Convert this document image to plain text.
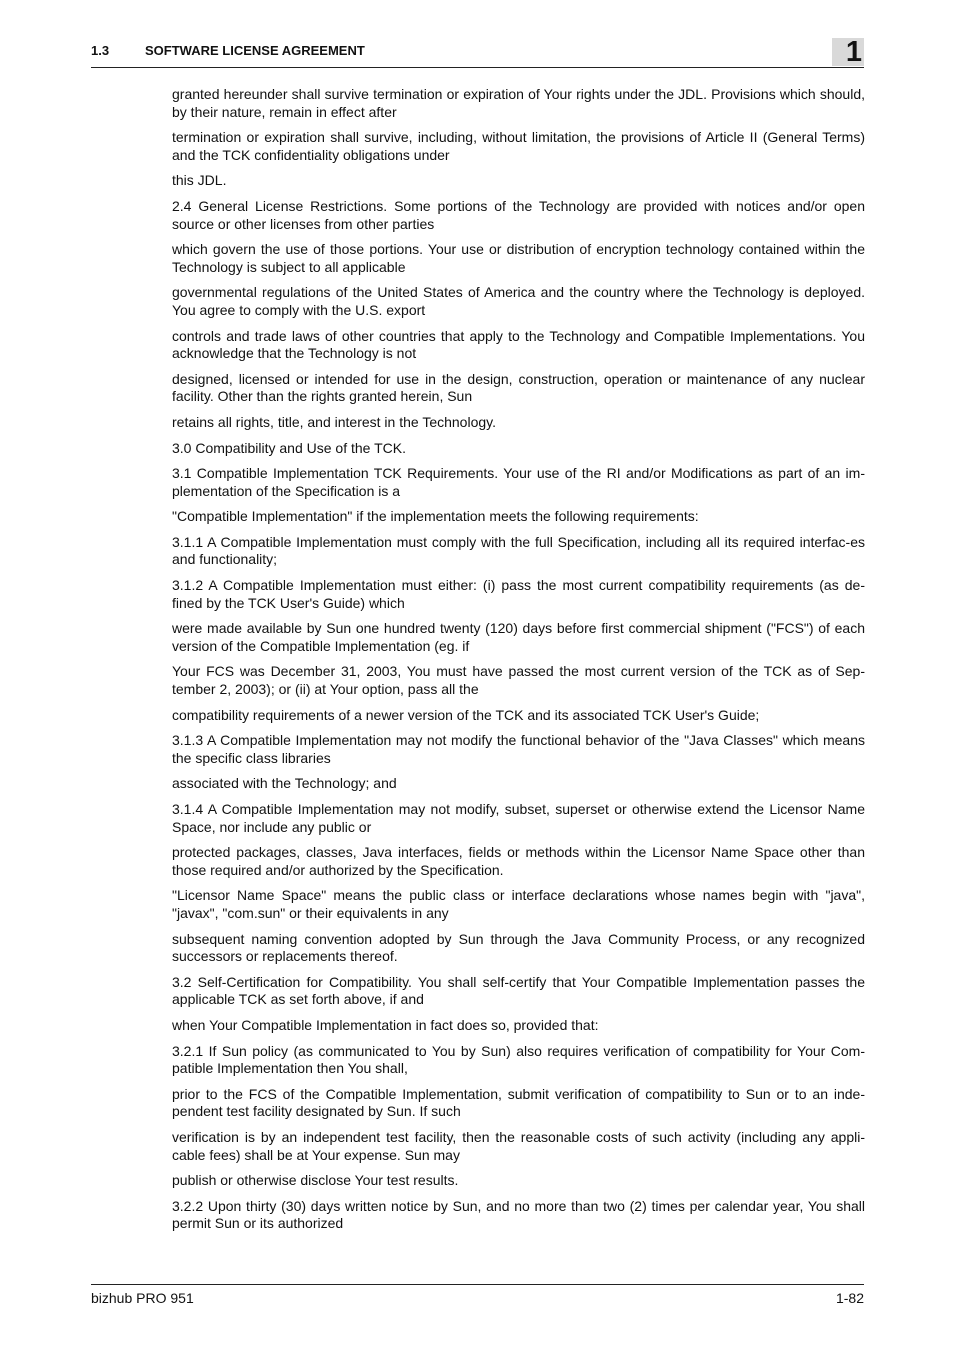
1.3	SOFTWARE LICENSE AGREEMENT	1

granted hereunder shall survive termination or expiration of Your rights under the JDL. Provisions which should, by their nature, remain in effect after

termination or expiration shall survive, including, without limitation, the provisions of Article II (General Terms) and the TCK confidentiality obligations under

this JDL.

2.4 General License Restrictions. Some portions of the Technology are provided with notices and/or open source or other licenses from other parties

which govern the use of those portions. Your use or distribution of encryption technology contained within the Technology is subject to all applicable

governmental regulations of the United States of America and the country where the Technology is deployed. You agree to comply with the U.S. export

controls and trade laws of other countries that apply to the Technology and Compatible Implementations. You acknowledge that the Technology is not

designed, licensed or intended for use in the design, construction, operation or maintenance of any nuclear facility. Other than the rights granted herein, Sun

retains all rights, title, and interest in the Technology.

3.0 Compatibility and Use of the TCK.

3.1 Compatible Implementation TCK Requirements. Your use of the RI and/or Modifications as part of an im-plementation of the Specification is a

"Compatible Implementation" if the implementation meets the following requirements:

3.1.1 A Compatible Implementation must comply with the full Specification, including all its required interfac-es and functionality;

3.1.2 A Compatible Implementation must either: (i) pass the most current compatibility requirements (as de-fined by the TCK User's Guide) which

were made available by Sun one hundred twenty (120) days before first commercial shipment ("FCS") of each version of the Compatible Implementation (eg. if

Your FCS was December 31, 2003, You must have passed the most current version of the TCK as of Sep-tember 2, 2003); or (ii) at Your option, pass all the

compatibility requirements of a newer version of the TCK and its associated TCK User's Guide;

3.1.3 A Compatible Implementation may not modify the functional behavior of the "Java Classes" which means the specific class libraries

associated with the Technology; and

3.1.4 A Compatible Implementation may not modify, subset, superset or otherwise extend the Licensor Name Space, nor include any public or

protected packages, classes, Java interfaces, fields or methods within the Licensor Name Space other than those required and/or authorized by the Specification.

"Licensor Name Space" means the public class or interface declarations whose names begin with "java", "javax", "com.sun" or their equivalents in any

subsequent naming convention adopted by Sun through the Java Community Process, or any recognized successors or replacements thereof.

3.2 Self-Certification for Compatibility. You shall self-certify that Your Compatible Implementation passes the applicable TCK as set forth above, if and

when Your Compatible Implementation in fact does so, provided that:

3.2.1 If Sun policy (as communicated to You by Sun) also requires verification of compatibility for Your Com-patible Implementation then You shall,

prior to the FCS of the Compatible Implementation, submit verification of compatibility to Sun or to an inde-pendent test facility designated by Sun. If such

verification is by an independent test facility, then the reasonable costs of such activity (including any appli-cable fees) shall be at Your expense. Sun may

publish or otherwise disclose Your test results.

3.2.2 Upon thirty (30) days written notice by Sun, and no more than two (2) times per calendar year, You shall permit Sun or its authorized

bizhub PRO 951	1-82
